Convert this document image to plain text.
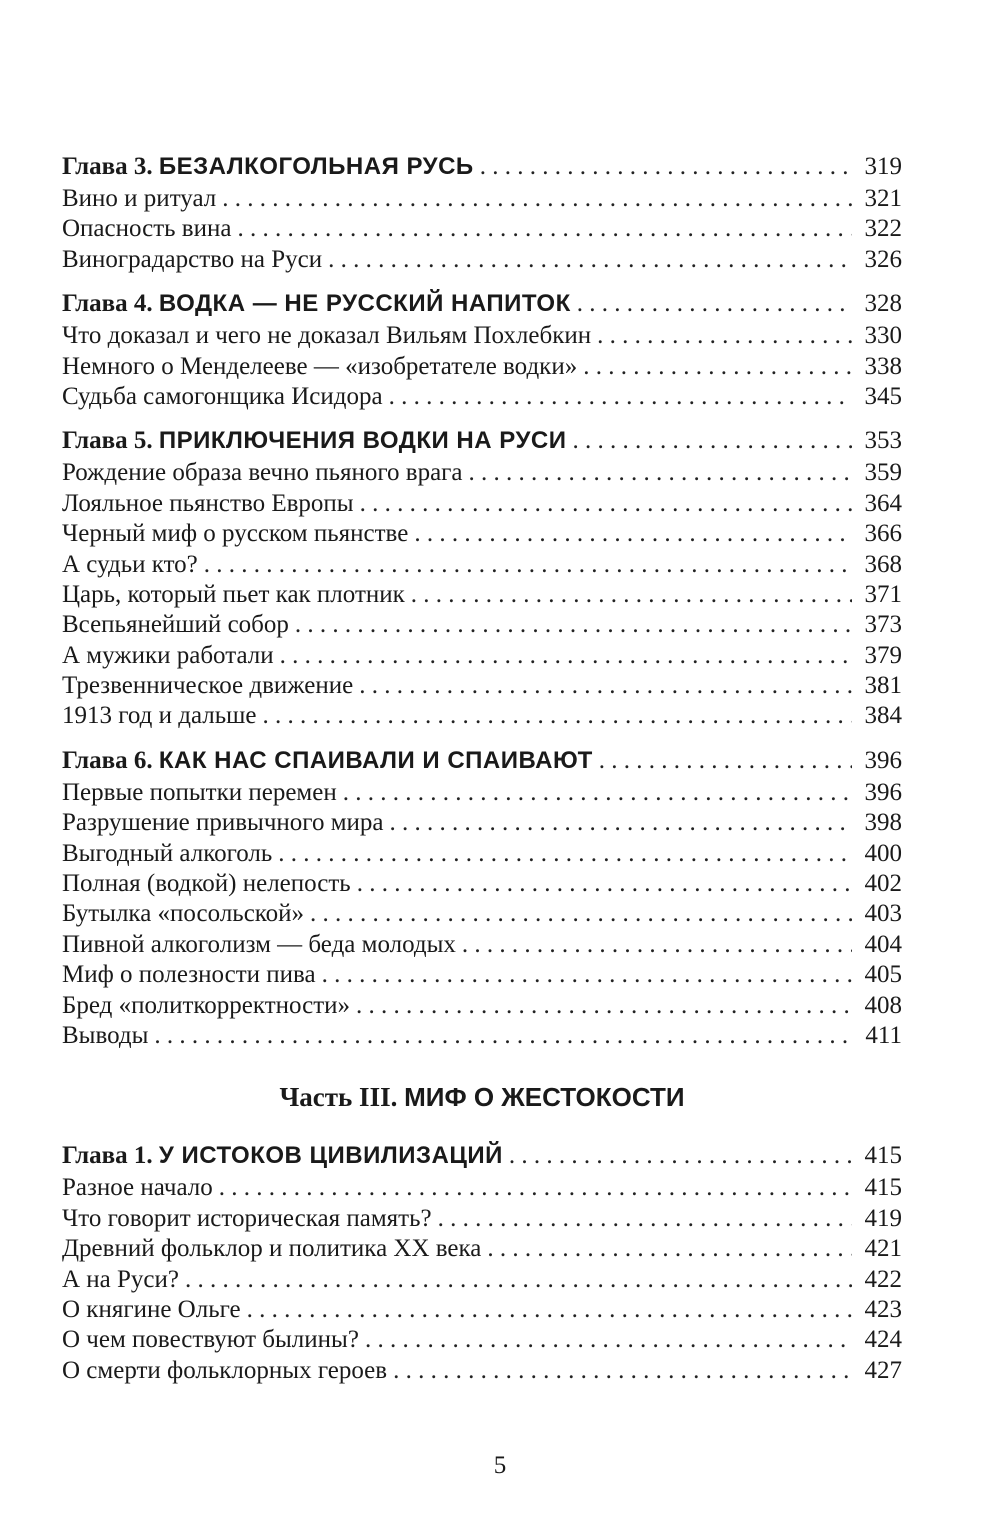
Глава 3. БЕЗАЛКОГОЛЬНАЯ РУСЬ . . .	319
Вино и ритуал . . .	321
Опасность вина . . .	322
Виноградарство на Руси . . .	326
Глава 4. ВОДКА — НЕ РУССКИЙ НАПИТОК . . .	328
Что доказал и чего не доказал Вильям Похлебкин . . .	330
Немного о Менделееве — «изобретателе водки» . . .	338
Судьба самогонщика Исидора . . .	345
Глава 5. ПРИКЛЮЧЕНИЯ ВОДКИ НА РУСИ . . .	353
Рождение образа вечно пьяного врага . . .	359
Лояльное пьянство Европы . . .	364
Черный миф о русском пьянстве . . .	366
А судьи кто? . . .	368
Царь, который пьет как плотник . . .	371
Всепьянейший собор . . .	373
А мужики работали . . .	379
Трезвенническое движение . . .	381
1913 год и дальше . . .	384
Глава 6. КАК НАС СПАИВАЛИ И СПАИВАЮТ . . .	396
Первые попытки перемен . . .	396
Разрушение привычного мира . . .	398
Выгодный алкоголь . . .	400
Полная (водкой) нелепость . . .	402
Бутылка «посольской» . . .	403
Пивной алкоголизм — беда молодых . . .	404
Миф о полезности пива . . .	405
Бред «политкорректности» . . .	408
Выводы . . .	411
Часть III. МИФ О ЖЕСТОКОСТИ
Глава 1. У ИСТОКОВ ЦИВИЛИЗАЦИЙ . . .	415
Разное начало . . .	415
Что говорит историческая память? . . .	419
Древний фольклор и политика XX века . . .	421
А на Руси? . . .	422
О княгине Ольге . . .	423
О чем повествуют былины? . . .	424
О смерти фольклорных героев . . .	427
5
